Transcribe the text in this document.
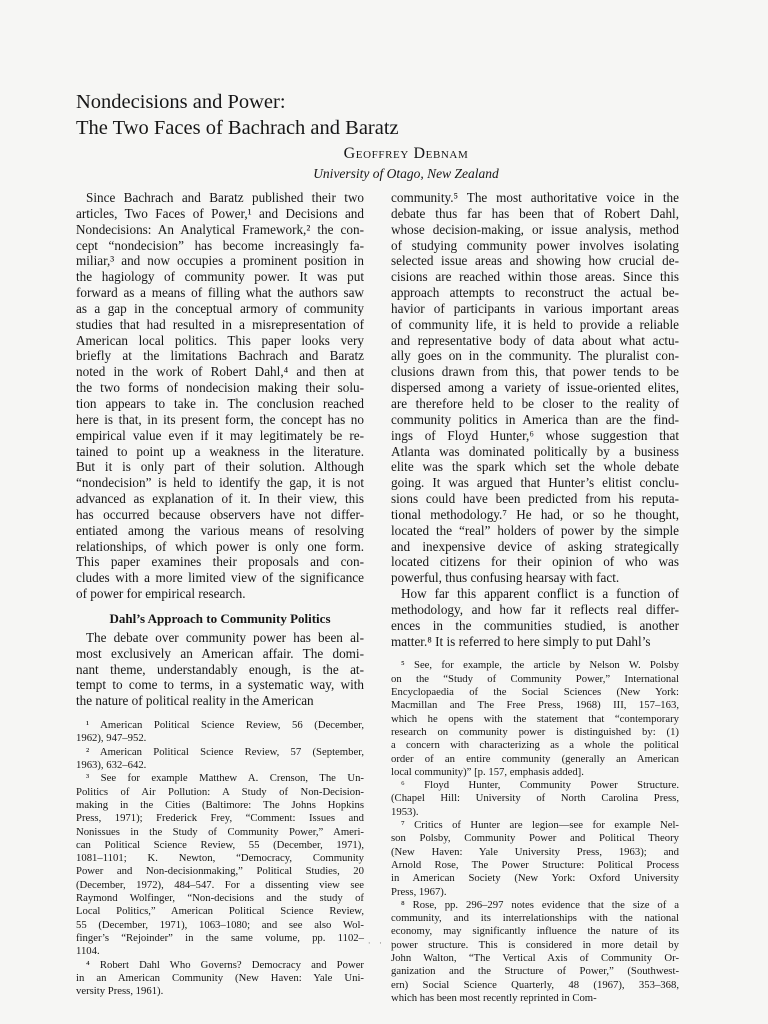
Nondecisions and Power:
The Two Faces of Bachrach and Baratz
Geoffrey Debnam
University of Otago, New Zealand
Since Bachrach and Baratz published their two
articles, Two Faces of Power,¹ and Decisions and
Nondecisions: An Analytical Framework,² the con-
cept “nondecision” has become increasingly fa-
miliar,³ and now occupies a prominent position in
the hagiology of community power. It was put
forward as a means of filling what the authors saw
as a gap in the conceptual armory of community
studies that had resulted in a misrepresentation of
American local politics. This paper looks very
briefly at the limitations Bachrach and Baratz
noted in the work of Robert Dahl,⁴ and then at
the two forms of nondecision making their solu-
tion appears to take in. The conclusion reached
here is that, in its present form, the concept has no
empirical value even if it may legitimately be re-
tained to point up a weakness in the literature.
But it is only part of their solution. Although
“nondecision” is held to identify the gap, it is not
advanced as explanation of it. In their view, this
has occurred because observers have not differ-
entiated among the various means of resolving
relationships, of which power is only one form.
This paper examines their proposals and con-
cludes with a more limited view of the significance
of power for empirical research.
Dahl’s Approach to Community Politics
The debate over community power has been al-
most exclusively an American affair. The domi-
nant theme, understandably enough, is the at-
tempt to come to terms, in a systematic way, with
the nature of political reality in the American
¹ American Political Science Review, 56 (December,
1962), 947–952.
² American Political Science Review, 57 (September,
1963), 632–642.
³ See for example Matthew A. Crenson, The Un-
Politics of Air Pollution: A Study of Non-Decision-
making in the Cities (Baltimore: The Johns Hopkins
Press, 1971); Frederick Frey, “Comment: Issues and
Nonissues in the Study of Community Power,” Ameri-
can Political Science Review, 55 (December, 1971),
1081–1101; K. Newton, “Democracy, Community
Power and Non-decisionmaking,” Political Studies, 20
(December, 1972), 484–547. For a dissenting view see
Raymond Wolfinger, “Non-decisions and the study of
Local Politics,” American Political Science Review,
55 (December, 1971), 1063–1080; and see also Wol-
finger’s “Rejoinder” in the same volume, pp. 1102–
1104.
⁴ Robert Dahl Who Governs? Democracy and Power
in an American Community (New Haven: Yale Uni-
versity Press, 1961).
community.⁵ The most authoritative voice in the
debate thus far has been that of Robert Dahl,
whose decision-making, or issue analysis, method
of studying community power involves isolating
selected issue areas and showing how crucial de-
cisions are reached within those areas. Since this
approach attempts to reconstruct the actual be-
havior of participants in various important areas
of community life, it is held to provide a reliable
and representative body of data about what actu-
ally goes on in the community. The pluralist con-
clusions drawn from this, that power tends to be
dispersed among a variety of issue-oriented elites,
are therefore held to be closer to the reality of
community politics in America than are the find-
ings of Floyd Hunter,⁶ whose suggestion that
Atlanta was dominated politically by a business
elite was the spark which set the whole debate
going. It was argued that Hunter’s elitist conclu-
sions could have been predicted from his reputa-
tional methodology.⁷ He had, or so he thought,
located the “real” holders of power by the simple
and inexpensive device of asking strategically
located citizens for their opinion of who was
powerful, thus confusing hearsay with fact.
How far this apparent conflict is a function of
methodology, and how far it reflects real differ-
ences in the communities studied, is another
matter.⁸ It is referred to here simply to put Dahl’s
⁵ See, for example, the article by Nelson W. Polsby
on the “Study of Community Power,” International
Encyclopaedia of the Social Sciences (New York:
Macmillan and The Free Press, 1968) III, 157–163,
which he opens with the statement that “contemporary
research on community power is distinguished by: (1)
a concern with characterizing as a whole the political
order of an entire community (generally an American
local community)” [p. 157, emphasis added].
⁶ Floyd Hunter, Community Power Structure.
(Chapel Hill: University of North Carolina Press,
1953).
⁷ Critics of Hunter are legion—see for example Nel-
son Polsby, Community Power and Political Theory
(New Haven: Yale University Press, 1963); and
Arnold Rose, The Power Structure: Political Process
in American Society (New York: Oxford University
Press, 1967).
⁸ Rose, pp. 296–297 notes evidence that the size of a
community, and its interrelationships with the national
economy, may significantly influence the nature of its
power structure. This is considered in more detail by
John Walton, “The Vertical Axis of Community Or-
ganization and the Structure of Power,” (Southwest-
ern) Social Science Quarterly, 48 (1967), 353–368,
which has been most recently reprinted in Com-
· · ·
